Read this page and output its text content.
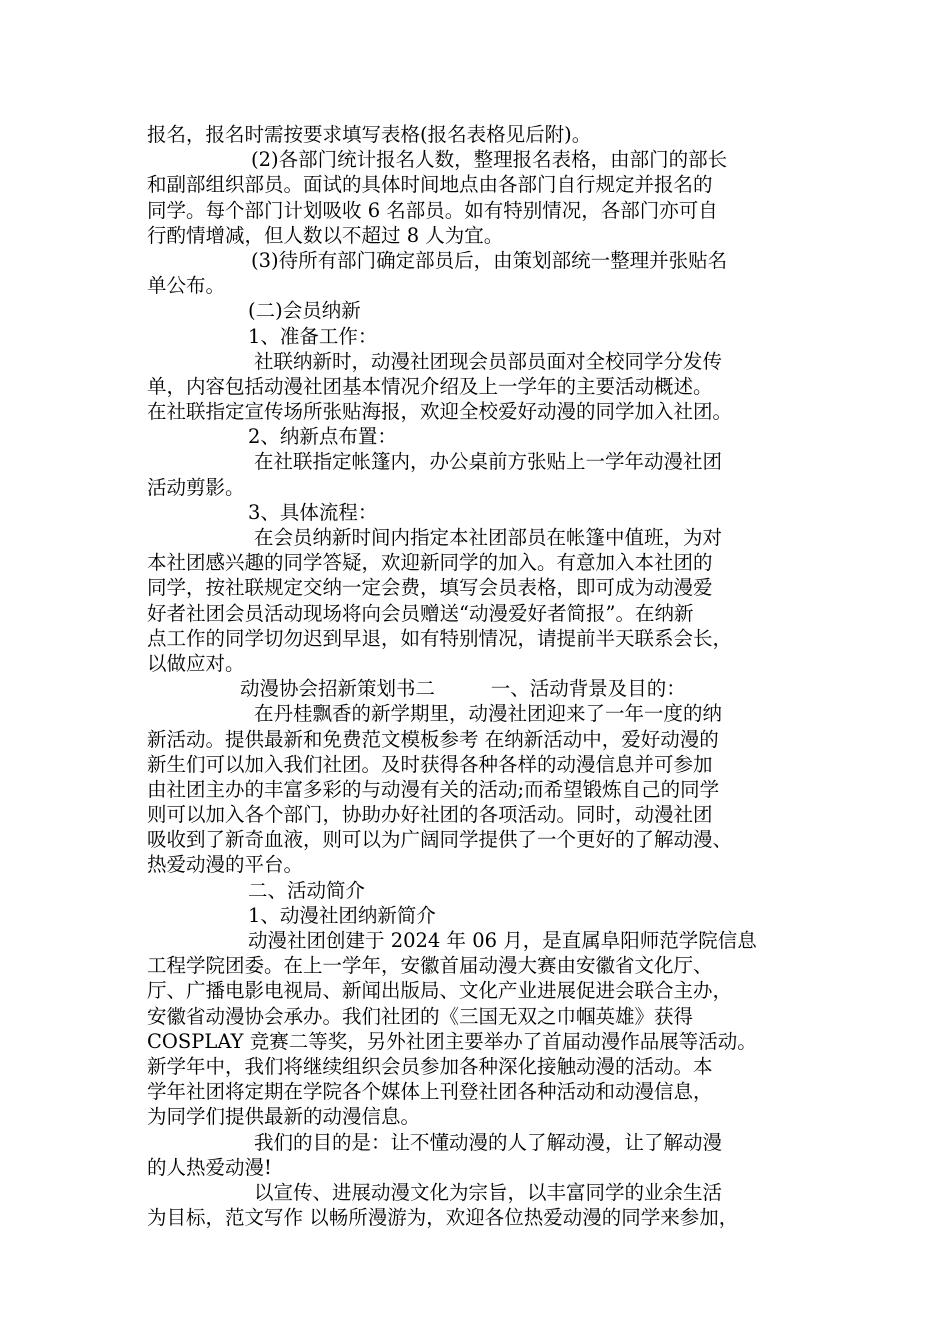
报名，报名时需按要求填写表格(报名表格见后附)。
(2)各部门统计报名人数，整理报名表格，由部门的部长
和副部组织部员。面试的具体时间地点由各部门自行规定并报名的
同学。每个部门计划吸收 6 名部员。如有特别情况，各部门亦可自
行酌情增减，但人数以不超过 8 人为宜。
(3)待所有部门确定部员后，由策划部统一整理并张贴名
单公布。
(二)会员纳新
1、准备工作：
社联纳新时，动漫社团现会员部员面对全校同学分发传
单，内容包括动漫社团基本情况介绍及上一学年的主要活动概述。
在社联指定宣传场所张贴海报，欢迎全校爱好动漫的同学加入社团。
2、纳新点布置：
在社联指定帐篷内，办公桌前方张贴上一学年动漫社团
活动剪影。
3、具体流程：
在会员纳新时间内指定本社团部员在帐篷中值班，为对
本社团感兴趣的同学答疑，欢迎新同学的加入。有意加入本社团的
同学，按社联规定交纳一定会费，填写会员表格，即可成为动漫爱
好者社团会员活动现场将向会员赠送“动漫爱好者简报”。在纳新
点工作的同学切勿迟到早退，如有特别情况，请提前半天联系会长，
以做应对。
动漫协会招新策划书二         一、活动背景及目的：
在丹桂飘香的新学期里，动漫社团迎来了一年一度的纳
新活动。提供最新和免费范文模板参考 在纳新活动中，爱好动漫的
新生们可以加入我们社团。及时获得各种各样的动漫信息并可参加
由社团主办的丰富多彩的与动漫有关的活动;而希望锻炼自己的同学
则可以加入各个部门，协助办好社团的各项活动。同时，动漫社团
吸收到了新奇血液，则可以为广阔同学提供了一个更好的了解动漫、
热爱动漫的平台。
二、活动简介
1、动漫社团纳新简介
动漫社团创建于 2024 年 06 月，是直属阜阳师范学院信息
工程学院团委。在上一学年，安徽首届动漫大赛由安徽省文化厅、
厅、广播电影电视局、新闻出版局、文化产业进展促进会联合主办，
安徽省动漫协会承办。我们社团的《三国无双之巾帼英雄》获得
COSPLAY 竞赛二等奖，另外社团主要举办了首届动漫作品展等活动。
新学年中，我们将继续组织会员参加各种深化接触动漫的活动。本
学年社团将定期在学院各个媒体上刊登社团各种活动和动漫信息，
为同学们提供最新的动漫信息。
我们的目的是：让不懂动漫的人了解动漫，让了解动漫
的人热爱动漫!
以宣传、进展动漫文化为宗旨，以丰富同学的业余生活
为目标，范文写作 以畅所漫游为，欢迎各位热爱动漫的同学来参加，
